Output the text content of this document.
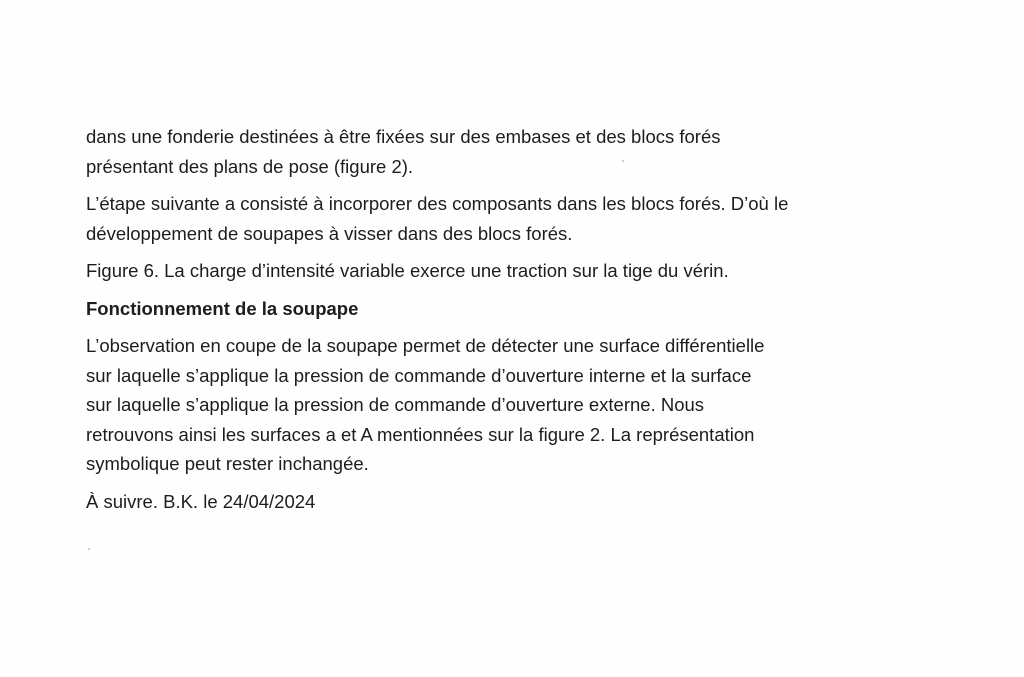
dans une fonderie destinées à être fixées sur des embases et des blocs forés

présentant des plans de pose (figure 2).

L’étape suivante a consisté à incorporer des composants dans les blocs forés. D’où le

développement de soupapes à visser dans des blocs forés.

Figure 6. La charge d’intensité variable exerce une traction sur la tige du vérin.

Fonctionnement de la soupape

L’observation en coupe de la soupape permet de détecter une surface différentielle

sur laquelle s’applique la pression de commande d’ouverture interne et la surface

sur laquelle s’applique la pression de commande d’ouverture externe. Nous

retrouvons ainsi les surfaces a et A mentionnées sur la figure 2. La représentation

symbolique peut rester inchangée.

À suivre. B.K. le 24/04/2024
